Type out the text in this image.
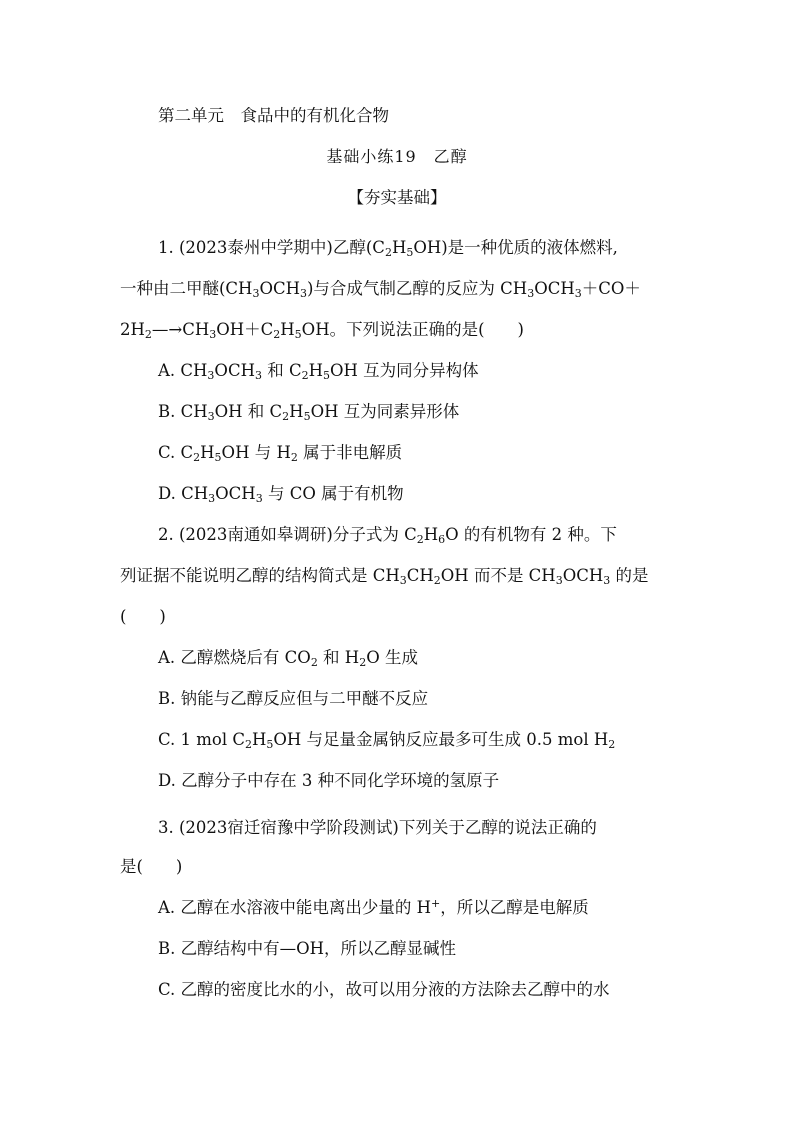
第二单元　食品中的有机化合物
基础小练19　乙醇
【夯实基础】
1. (2023泰州中学期中)乙醇$(C_2H_5OH)$是一种优质的液体燃料,
一种由二甲醚$(CH_3OCH_3)$与合成气制乙醇的反应为 $CH_3OCH_3+CO+$
$2H_2—\to CH_3OH+C_2H_5OH$。下列说法正确的是(　　)
A. $CH_3OCH_3$ 和 $C_2H_5OH$ 互为同分异构体
B. $CH_3OH$ 和 $C_2H_5OH$ 互为同素异形体
C. $C_2H_5OH$ 与 $H_2$ 属于非电解质
D. $CH_3OCH_3$ 与 CO 属于有机物
2. (2023南通如皋调研)分子式为 $C_2H_6O$ 的有机物有 2 种。下
列证据不能说明乙醇的结构简式是 $CH_3CH_2OH$ 而不是 $CH_3OCH_3$ 的是
(　　)
A. 乙醇燃烧后有 $CO_2$ 和 $H_2O$ 生成
B. 钠能与乙醇反应但与二甲醚不反应
C. 1 mol $C_2H_5OH$ 与足量金属钠反应最多可生成 0.5 mol $H_2$
D. 乙醇分子中存在 3 种不同化学环境的氢原子
3. (2023宿迁宿豫中学阶段测试)下列关于乙醇的说法正确的
是(　　)
A. 乙醇在水溶液中能电离出少量的 H+，所以乙醇是电解质
B. 乙醇结构中有—OH，所以乙醇显碱性
C. 乙醇的密度比水的小，故可以用分液的方法除去乙醇中的水
